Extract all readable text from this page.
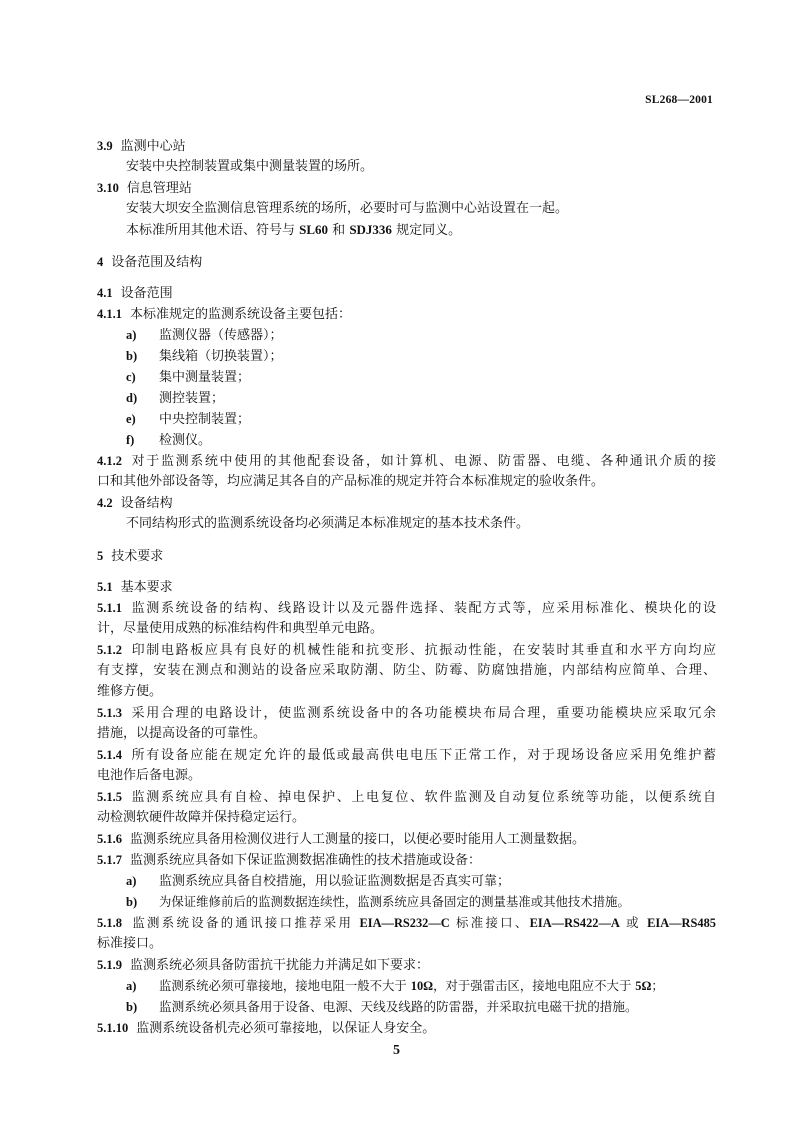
SL268—2001
3.9 监测中心站
安装中央控制装置或集中测量装置的场所。
3.10 信息管理站
安装大坝安全监测信息管理系统的场所，必要时可与监测中心站设置在一起。
本标准所用其他术语、符号与 SL60 和 SDJ336 规定同义。
4 设备范围及结构
4.1 设备范围
4.1.1 本标准规定的监测系统设备主要包括：
a) 监测仪器（传感器）；
b) 集线箱（切换装置）；
c) 集中测量装置；
d) 测控装置；
e) 中央控制装置；
f) 检测仪。
4.1.2 对于监测系统中使用的其他配套设备，如计算机、电源、防雷器、电缆、各种通讯介质的接
口和其他外部设备等，均应满足其各自的产品标准的规定并符合本标准规定的验收条件。
4.2 设备结构
不同结构形式的监测系统设备均必须满足本标准规定的基本技术条件。
5 技术要求
5.1 基本要求
5.1.1 监测系统设备的结构、线路设计以及元器件选择、装配方式等，应采用标准化、模块化的设
计，尽量使用成熟的标准结构件和典型单元电路。
5.1.2 印制电路板应具有良好的机械性能和抗变形、抗振动性能，在安装时其垂直和水平方向均应
有支撑，安装在测点和测站的设备应采取防潮、防尘、防霉、防腐蚀措施，内部结构应简单、合理、
维修方便。
5.1.3 采用合理的电路设计，使监测系统设备中的各功能模块布局合理，重要功能模块应采取冗余
措施，以提高设备的可靠性。
5.1.4 所有设备应能在规定允许的最低或最高供电电压下正常工作，对于现场设备应采用免维护蓄
电池作后备电源。
5.1.5 监测系统应具有自检、掉电保护、上电复位、软件监测及自动复位系统等功能，以便系统自
动检测软硬件故障并保持稳定运行。
5.1.6 监测系统应具备用检测仪进行人工测量的接口，以便必要时能用人工测量数据。
5.1.7 监测系统应具备如下保证监测数据准确性的技术措施或设备：
a) 监测系统应具备自校措施，用以验证监测数据是否真实可靠；
b) 为保证维修前后的监测数据连续性，监测系统应具备固定的测量基准或其他技术措施。
5.1.8 监测系统设备的通讯接口推荐采用 EIA—RS232—C 标准接口、EIA—RS422—A 或 EIA—RS485
标准接口。
5.1.9 监测系统必须具备防雷抗干扰能力并满足如下要求：
a) 监测系统必须可靠接地，接地电阻一般不大于 10Ω，对于强雷击区，接地电阻应不大于 5Ω；
b) 监测系统必须具备用于设备、电源、天线及线路的防雷器，并采取抗电磁干扰的措施。
5.1.10 监测系统设备机壳必须可靠接地，以保证人身安全。
5
